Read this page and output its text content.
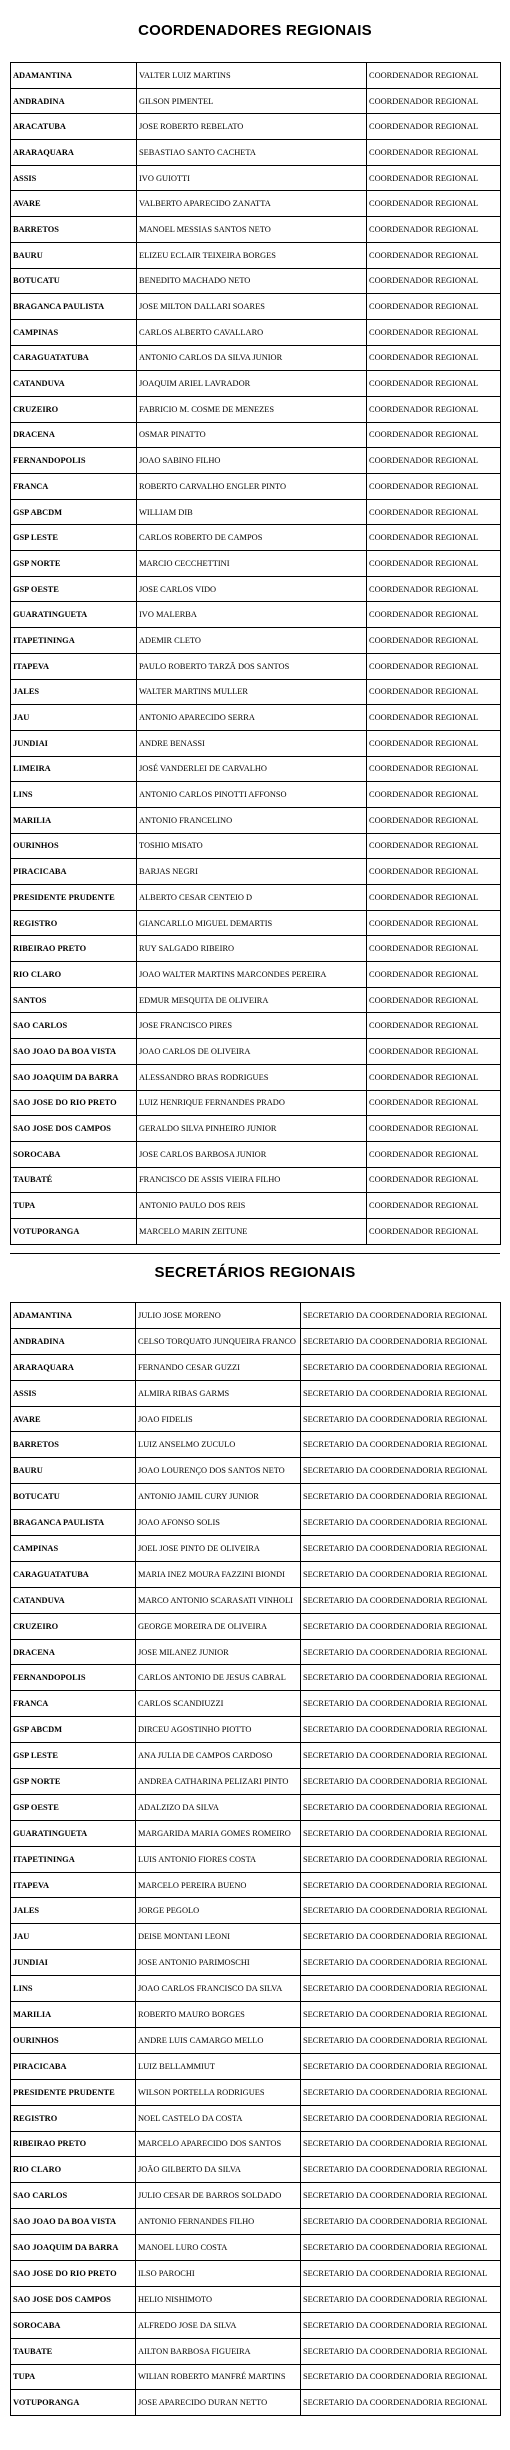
COORDENADORES REGIONAIS
ADAMANTINA	VALTER LUIZ MARTINS	COORDENADOR REGIONAL
ANDRADINA	GILSON PIMENTEL	COORDENADOR REGIONAL
ARACATUBA	JOSE ROBERTO REBELATO	COORDENADOR REGIONAL
ARARAQUARA	SEBASTIAO SANTO CACHETA	COORDENADOR REGIONAL
ASSIS	IVO GUIOTTI	COORDENADOR REGIONAL
AVARE	VALBERTO APARECIDO ZANATTA	COORDENADOR REGIONAL
BARRETOS	MANOEL MESSIAS SANTOS NETO	COORDENADOR REGIONAL
BAURU	ELIZEU ECLAIR TEIXEIRA BORGES	COORDENADOR REGIONAL
BOTUCATU	BENEDITO MACHADO NETO	COORDENADOR REGIONAL
BRAGANCA PAULISTA	JOSE MILTON DALLARI SOARES	COORDENADOR REGIONAL
CAMPINAS	CARLOS ALBERTO CAVALLARO	COORDENADOR REGIONAL
CARAGUATATUBA	ANTONIO CARLOS DA SILVA JUNIOR	COORDENADOR REGIONAL
CATANDUVA	JOAQUIM ARIEL LAVRADOR	COORDENADOR REGIONAL
CRUZEIRO	FABRICIO M. COSME DE MENEZES	COORDENADOR REGIONAL
DRACENA	OSMAR PINATTO	COORDENADOR REGIONAL
FERNANDOPOLIS	JOAO SABINO FILHO	COORDENADOR REGIONAL
FRANCA	ROBERTO CARVALHO ENGLER PINTO	COORDENADOR REGIONAL
GSP ABCDM	WILLIAM DIB	COORDENADOR REGIONAL
GSP LESTE	CARLOS ROBERTO DE CAMPOS	COORDENADOR REGIONAL
GSP NORTE	MARCIO CECCHETTINI	COORDENADOR REGIONAL
GSP OESTE	JOSE CARLOS VIDO	COORDENADOR REGIONAL
GUARATINGUETA	IVO MALERBA	COORDENADOR REGIONAL
ITAPETININGA	ADEMIR CLETO	COORDENADOR REGIONAL
ITAPEVA	PAULO ROBERTO TARZÃ DOS SANTOS	COORDENADOR REGIONAL
JALES	WALTER MARTINS MULLER	COORDENADOR REGIONAL
JAU	ANTONIO APARECIDO SERRA	COORDENADOR REGIONAL
JUNDIAI	ANDRE BENASSI	COORDENADOR REGIONAL
LIMEIRA	JOSÉ VANDERLEI DE CARVALHO	COORDENADOR REGIONAL
LINS	ANTONIO CARLOS PINOTTI AFFONSO	COORDENADOR REGIONAL
MARILIA	ANTONIO FRANCELINO	COORDENADOR REGIONAL
OURINHOS	TOSHIO MISATO	COORDENADOR REGIONAL
PIRACICABA	BARJAS NEGRI	COORDENADOR REGIONAL
PRESIDENTE PRUDENTE	ALBERTO CESAR CENTEIO D	COORDENADOR REGIONAL
REGISTRO	GIANCARLLO MIGUEL DEMARTIS	COORDENADOR REGIONAL
RIBEIRAO PRETO	RUY SALGADO RIBEIRO	COORDENADOR REGIONAL
RIO CLARO	JOAO WALTER MARTINS MARCONDES PEREIRA	COORDENADOR REGIONAL
SANTOS	EDMUR MESQUITA DE OLIVEIRA	COORDENADOR REGIONAL
SAO CARLOS	JOSE FRANCISCO PIRES	COORDENADOR REGIONAL
SAO JOAO DA BOA VISTA	JOAO CARLOS DE OLIVEIRA	COORDENADOR REGIONAL
SAO JOAQUIM DA BARRA	ALESSANDRO BRAS RODRIGUES	COORDENADOR REGIONAL
SAO JOSE DO RIO PRETO	LUIZ HENRIQUE FERNANDES PRADO	COORDENADOR REGIONAL
SAO JOSE DOS CAMPOS	GERALDO SILVA PINHEIRO JUNIOR	COORDENADOR REGIONAL
SOROCABA	JOSE CARLOS BARBOSA JUNIOR	COORDENADOR REGIONAL
TAUBATÉ	FRANCISCO DE ASSIS VIEIRA FILHO	COORDENADOR REGIONAL
TUPA	ANTONIO PAULO DOS REIS	COORDENADOR REGIONAL
VOTUPORANGA	MARCELO MARIN ZEITUNE	COORDENADOR REGIONAL
SECRETÁRIOS REGIONAIS
ADAMANTINA	JULIO JOSE MORENO	SECRETARIO DA COORDENADORIA REGIONAL
ANDRADINA	CELSO TORQUATO JUNQUEIRA FRANCO	SECRETARIO DA COORDENADORIA REGIONAL
ARARAQUARA	FERNANDO CESAR GUZZI	SECRETARIO DA COORDENADORIA REGIONAL
ASSIS	ALMIRA RIBAS GARMS	SECRETARIO DA COORDENADORIA REGIONAL
AVARE	JOAO FIDELIS	SECRETARIO DA COORDENADORIA REGIONAL
BARRETOS	LUIZ ANSELMO ZUCULO	SECRETARIO DA COORDENADORIA REGIONAL
BAURU	JOAO LOURENÇO DOS SANTOS NETO	SECRETARIO DA COORDENADORIA REGIONAL
BOTUCATU	ANTONIO JAMIL CURY JUNIOR	SECRETARIO DA COORDENADORIA REGIONAL
BRAGANCA PAULISTA	JOAO AFONSO SOLIS	SECRETARIO DA COORDENADORIA REGIONAL
CAMPINAS	JOEL JOSE PINTO DE OLIVEIRA	SECRETARIO DA COORDENADORIA REGIONAL
CARAGUATATUBA	MARIA INEZ MOURA FAZZINI BIONDI	SECRETARIO DA COORDENADORIA REGIONAL
CATANDUVA	MARCO ANTONIO SCARASATI VINHOLI	SECRETARIO DA COORDENADORIA REGIONAL
CRUZEIRO	GEORGE MOREIRA DE OLIVEIRA	SECRETARIO DA COORDENADORIA REGIONAL
DRACENA	JOSE MILANEZ JUNIOR	SECRETARIO DA COORDENADORIA REGIONAL
FERNANDOPOLIS	CARLOS ANTONIO DE JESUS CABRAL	SECRETARIO DA COORDENADORIA REGIONAL
FRANCA	CARLOS SCANDIUZZI	SECRETARIO DA COORDENADORIA REGIONAL
GSP ABCDM	DIRCEU AGOSTINHO PIOTTO	SECRETARIO DA COORDENADORIA REGIONAL
GSP LESTE	ANA JULIA DE CAMPOS CARDOSO	SECRETARIO DA COORDENADORIA REGIONAL
GSP NORTE	ANDREA CATHARINA PELIZARI PINTO	SECRETARIO DA COORDENADORIA REGIONAL
GSP OESTE	ADALZIZO DA SILVA	SECRETARIO DA COORDENADORIA REGIONAL
GUARATINGUETA	MARGARIDA MARIA GOMES ROMEIRO	SECRETARIO DA COORDENADORIA REGIONAL
ITAPETININGA	LUIS ANTONIO FIORES COSTA	SECRETARIO DA COORDENADORIA REGIONAL
ITAPEVA	MARCELO PEREIRA BUENO	SECRETARIO DA COORDENADORIA REGIONAL
JALES	JORGE PEGOLO	SECRETARIO DA COORDENADORIA REGIONAL
JAU	DEISE MONTANI LEONI	SECRETARIO DA COORDENADORIA REGIONAL
JUNDIAI	JOSE ANTONIO PARIMOSCHI	SECRETARIO DA COORDENADORIA REGIONAL
LINS	JOAO CARLOS FRANCISCO DA SILVA	SECRETARIO DA COORDENADORIA REGIONAL
MARILIA	ROBERTO MAURO BORGES	SECRETARIO DA COORDENADORIA REGIONAL
OURINHOS	ANDRE LUIS CAMARGO MELLO	SECRETARIO DA COORDENADORIA REGIONAL
PIRACICABA	LUIZ BELLAMMIUT	SECRETARIO DA COORDENADORIA REGIONAL
PRESIDENTE PRUDENTE	WILSON PORTELLA RODRIGUES	SECRETARIO DA COORDENADORIA REGIONAL
REGISTRO	NOEL CASTELO DA COSTA	SECRETARIO DA COORDENADORIA REGIONAL
RIBEIRAO PRETO	MARCELO APARECIDO DOS SANTOS	SECRETARIO DA COORDENADORIA REGIONAL
RIO CLARO	JOÃO GILBERTO DA SILVA	SECRETARIO DA COORDENADORIA REGIONAL
SAO CARLOS	JULIO CESAR DE BARROS SOLDADO	SECRETARIO DA COORDENADORIA REGIONAL
SAO JOAO DA BOA VISTA	ANTONIO FERNANDES FILHO	SECRETARIO DA COORDENADORIA REGIONAL
SAO JOAQUIM DA BARRA	MANOEL LURO COSTA	SECRETARIO DA COORDENADORIA REGIONAL
SAO JOSE DO RIO PRETO	ILSO PAROCHI	SECRETARIO DA COORDENADORIA REGIONAL
SAO JOSE DOS CAMPOS	HELIO NISHIMOTO	SECRETARIO DA COORDENADORIA REGIONAL
SOROCABA	ALFREDO JOSE DA SILVA	SECRETARIO DA COORDENADORIA REGIONAL
TAUBATE	AILTON BARBOSA FIGUEIRA	SECRETARIO DA COORDENADORIA REGIONAL
TUPA	WILIAN ROBERTO MANFRÉ MARTINS	SECRETARIO DA COORDENADORIA REGIONAL
VOTUPORANGA	JOSE APARECIDO DURAN NETTO	SECRETARIO DA COORDENADORIA REGIONAL
